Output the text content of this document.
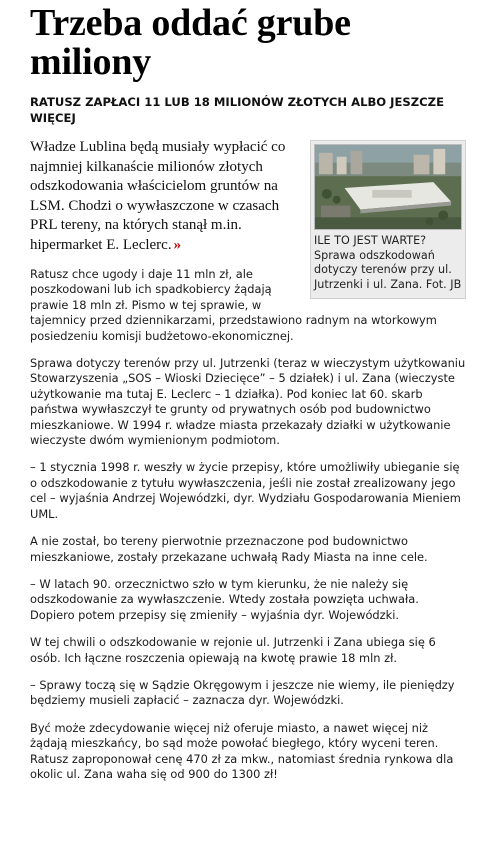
Trzeba oddać grube miliony
RATUSZ ZAPŁACI 11 LUB 18 MILIONÓW ZŁOTYCH ALBO JESZCZE WIĘCEJ
ILE TO JEST WARTE? Sprawa odszkodowań dotyczy terenów przy ul. Jutrzenki i ul. Zana. Fot. JB

Władze Lublina będą musiały wypłacić co najmniej kilkanaście milionów złotych odszkodowania właścicielom gruntów na LSM. Chodzi o wywłaszczone w czasach PRL tereny, na których stanął m.in. hipermarket E. Leclerc. »

Ratusz chce ugody i daje 11 mln zł, ale poszkodowani lub ich spadkobiercy żądają prawie 18 mln zł. Pismo w tej sprawie, w tajemnicy przed dziennikarzami, przedstawiono radnym na wtorkowym posiedzeniu komisji budżetowo-ekonomicznej.

Sprawa dotyczy terenów przy ul. Jutrzenki (teraz w wieczystym użytkowaniu Stowarzyszenia „SOS – Wioski Dziecięce” – 5 działek) i ul. Zana (wieczyste użytkowanie ma tutaj E. Leclerc – 1 działka). Pod koniec lat 60. skarb państwa wywłaszczył te grunty od prywatnych osób pod budownictwo mieszkaniowe. W 1994 r. władze miasta przekazały działki w użytkowanie wieczyste dwóm wymienionym podmiotom.

– 1 stycznia 1998 r. weszły w życie przepisy, które umożliwiły ubieganie się o odszkodowanie z tytułu wywłaszczenia, jeśli nie został zrealizowany jego cel – wyjaśnia Andrzej Wojewódzki, dyr. Wydziału Gospodarowania Mieniem UML.

A nie został, bo tereny pierwotnie przeznaczone pod budownictwo mieszkaniowe, zostały przekazane uchwałą Rady Miasta na inne cele.

– W latach 90. orzecznictwo szło w tym kierunku, że nie należy się odszkodowanie za wywłaszczenie. Wtedy została powzięta uchwała. Dopiero potem przepisy się zmieniły – wyjaśnia dyr. Wojewódzki.

W tej chwili o odszkodowanie w rejonie ul. Jutrzenki i Zana ubiega się 6 osób. Ich łączne roszczenia opiewają na kwotę prawie 18 mln zł.

– Sprawy toczą się w Sądzie Okręgowym i jeszcze nie wiemy, ile pieniędzy będziemy musieli zapłacić – zaznacza dyr. Wojewódzki.

Być może zdecydowanie więcej niż oferuje miasto, a nawet więcej niż żądają mieszkańcy, bo sąd może powołać biegłego, który wyceni teren. Ratusz zaproponował cenę 470 zł za mkw., natomiast średnia rynkowa dla okolic ul. Zana waha się od 900 do 1300 zł!
